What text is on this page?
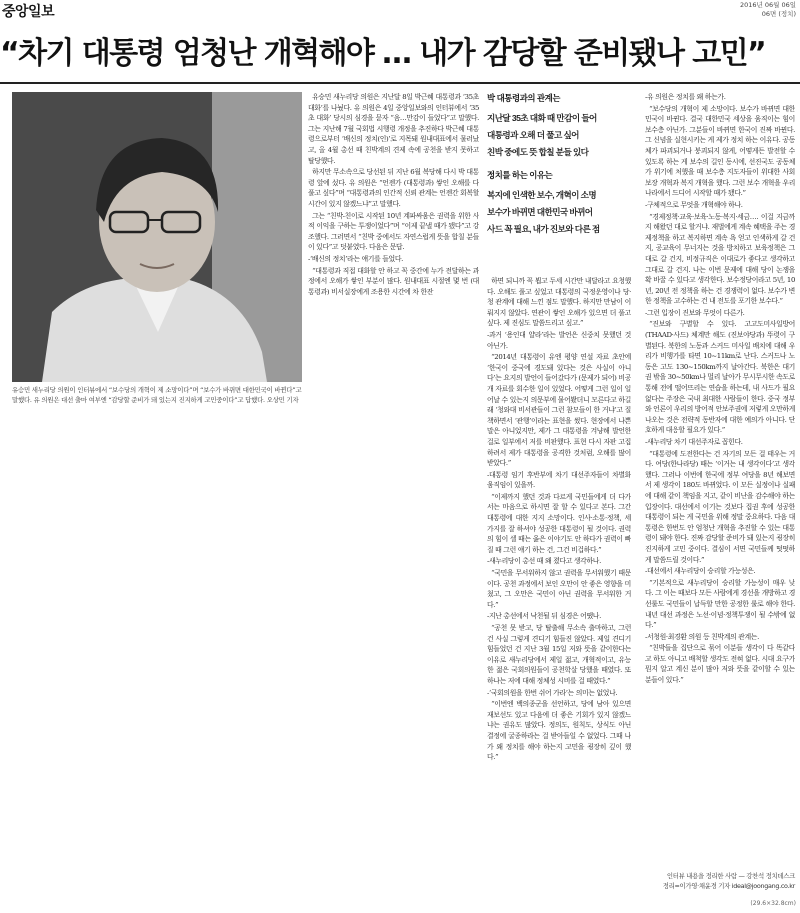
중앙일보	2016년 06월 06일
06면 (정치)
“차기 대통령 엄청난 개혁해야 … 내가 감당할 준비됐나 고민”
유승민 새누리당 의원이 인터뷰에서 “보수당의 개혁이 제 소망이다”며 “보수가 바뀌면 대한민국이 바뀐다”고 말했다. 유 의원은 대선 출마 여부엔 “감당할 준비가 돼 있는지 진지하게 고민중이다”고 답했다. 오상민 기자

유승민 새누리당 의원은 지난달 8일 박근혜 대통령과 ‘35초 대화’를 나눴다. 유 의원은 4일 중앙일보와의 인터뷰에서 ‘35초 대화’ 당시의 심경을 묻자 “음…만감이 들었다”고 말했다. 그는 지난해 7월 국회법 시행령 개정을 추진하다 박근혜 대통령으로부터 ‘배신의 정치(인)’로 지목돼 원내대표에서 물러났고, 올 4월 총선 때 친박계의 견제 속에 공천을 받지 못하고 탈당했다.

하지만 무소속으로 당선된 뒤 지난 6월 복당해 다시 박 대통령 앞에 섰다. 유 의원은 “언젠가 (대통령과) 쌓인 오해를 다 풀고 싶다”며 “대통령과의 인간적 신뢰 관계는 언젠간 회복할 시간이 있지 않겠느냐”고 말했다.

그는 “친박-친이로 시작된 10년 계파싸움은 권력을 위한 사적 이익을 구하는 투쟁이었다”며 “이제 끝낼 때가 됐다”고 강조했다. 그러면서 “친박 중에서도 자연스럽게 뜻을 합칠 분들이 있다”고 덧붙였다. 다음은 문답.

-‘배신의 정치’라는 얘기를 들었다.

“대통령과 직접 대화할 안 하고 꼭 중간에 누가 전달하는 과정에서 오해가 쌓인 부분이 많다. 원내대표 시절엔 몇 번 (대통령과) 비서실장에게 조용한 시간에 차 한잔

박 대통령과의 관계는
지난달 35초 대화 때 만감이 들어
대통령과 오해 더 풀고 싶어
친박 중에도 뜻 합칠 분들 있다
정치를 하는 이유는
복지에 인색한 보수, 개혁이 소명
보수가 바뀌면 대한민국 바뀌어
사드 꼭 필요, 내가 진보와 다른 점

하면 되니까 꼭 뵙고 두세 시간만 내달라고 요청했다. 오해도 풀고 싶었고 대통령의 국정운영이나 당·청 관계에 대해 느낀 점도 말했다. 하지만 만남이 이뤄지지 않았다. 연관이 쌓인 오해가 있으면 더 풀고 싶다. 제 진심도 말씀드리고 싶고.”

-과거 ‘용인대 얄라’라는 발언은 신중치 못했던 것 아닌가.

“2014년 대통령이 유엔 평양 연설 자료 초안에 ‘한국이 중국에 경도돼 있다는 것은 사실이 아니다’는 요지의 발언이 들어갔다가 (문제가 되어) 비공개 자료를 회수한 일이 있었다. 어떻게 그런 일이 일어날 수 있는지 의문부에 물어봤더니 모른다고 하길래 ‘청와대 비서관들이 그런 참모들이 한 거냐’고 질책하면서 ‘관행’이라는 표현을 썼다. 현장에서 나쁜 말은 아니었지만, 제가 그 대통령을 겨냥해 발언한 걸로 일부에서 저를 비판했다. 표현 다시 자판 고집하려서 제가 대통령을 공격한 것처럼, 오해를 많이 받았다.”

-대통령 임기 후반부에 차기 대선주자들이 차별화 움직임이 있을까.

“이제까지 했던 것과 다르게 국민들에게 더 다가서는 마음으로 하시면 잘 할 수 있다고 본다. 그간 대통령에 대한 지지 소망이다. 인사·소통·정책, 세 가지를 잘 하셔야 성공한 대통령이 될 것이다. 권력의 힘이 셀 때는 옳은 이야기도 안 하다가 권력이 빠질 때 그런 얘기 하는 건, 그건 비겁하다.”

-새누리당이 총선 때 왜 졌다고 생각하나.

“국민을 무서워하지 않고 권력을 무서워했기 때문이다. 공천 과정에서 보인 오만이 안 좋은 영향을 미쳤고, 그 오만은 국민이 아닌 권력을 무서워한 거다.”

-지난 총선에서 낙천될 뒤 심경은 어땠나.

“공천 못 받고, 당 탈출해 무소속 출마하고, 그런 건 사실 그렇게 견디기 힘들진 않았다. 제일 견디기 힘들었던 건 지난 3월 15일 저와 뜻을 같이한다는 이유로 새누리당에서 제일 젊고, 개혁적이고, 유능한 젊은 국회의원들이 공천학살 당했을 때였다. 또 하나는 저에 대해 정체성 시비를 걸 때였다.”

-‘국회의원을 한번 쉬어 가라’는 의미는 없었나.

“이번엔 백의종군을 선언하고, 당에 남아 있으면 재보선도 있고 다음에 더 좋은 기회가 있지 않겠느냐는 권유도 많았다. 정의도, 원칙도, 상식도 아닌 결정에 굴종하라는 걸 받아들일 수 없었다. 그때 나가 왜 정치를 해야 하는지 고민을 굉장히 깊이 했다.”

-유 의원은 정치를 왜 하는가.

“보수당의 개혁이 제 소망이다. 보수가 바뀌면 대한민국이 바뀐다. 결국 대한민국 세상을 움직이는 힘이 보수층 아닌가. 그분들이 바뀌면 한국이 진짜 바뀐다. 그 신념을 실현시키는 게 제가 정치 하는 이유다. 공동체가 파괴되거나 붕괴되지 않게, 어떻게든 발전할 수 있도록 하는 게 보수의 길인 동시에, 선진국도 공동체가 위기에 처했을 때 보수층 지도자들이 위대한 사회보장 개혁과 복지 개혁을 했다. 그런 보수 개혁을 우리나라에서 드디어 시작할 때가 됐다.”

-구체적으로 무엇을 개혁해야 하나.

“경제정책·교육·보육·노동·복지·세금…. 이걸 지금까지 해왔던 대로 할거냐. 재벌에게 계속 혜택을 주는 경제정책을 하고 복지하면 계속 욕 얻고 인색하게 갈 건지, 공교육이 무너지는 것을 방치하고 보육정책은 그대로 갈 건지, 비정규직은 이대로가 좋다고 생각하고 그대로 갈 건지. 나는 이번 문제에 대해 당이 논쟁을 확 바꿀 수 있다고 생각한다. 보수정당이라고 5년, 10년, 20년 전 정책을 하는 건 경쟁력이 없다. 보수가 변한 정책을 고수하는 건 내 전도를 포기한 보수다.”

-그런 입장이 진보와 무엇이 다른가.

“진보와 구별할 수 있다. 고고도미사일방어(THAAD·사드) 체계만 해도 (진보야당과) 뚜렷이 구별된다. 북한의 노동과 스커드 미사일 배치에 대해 우리가 비행가를 타면 10~11km로 난다. 스커드나 노동은 고도 130~150km까지 날아간다. 북한은 대기권 밖을 30~50km나 멀리 날아가 무시무시한 속도로 통해 전에 떨어뜨리는 연습을 하는데, 내 사드가 필요 없다는 주장은 국내 최대한 사람들이 한다. 중국 정부와 언론이 우리의 방어적 안보주권에 저렇게 오만하게 나오는 것은 전략적 동반자에 대한 예의가 아니다. 단호하게 대응할 필요가 있다.”

-새누리당 차기 대선주자로 꼽힌다.

“대통령에 도전한다는 건 자기의 모든 걸 태우는 거다. 여당(한나라당) 때는 ‘이거는 내 생각이다’고 생각했다. 그러나 이번에 한국에 정부 여당을 8년 해보면서 제 생각이 180도 바뀌었다. 이 모든 실정이나 실패에 대해 같이 책임을 지고, 같이 비난을 감수해야 하는 입장이다. 대선에서 이기는 것보다 집권 후에 성공한 대통령이 되는 게 국민을 위해 정말 중요하다. 다음 대통령은 한번도 안 엄청난 개혁을 추진할 수 있는 대통령이 돼야 한다. 진짜 감당할 준비가 돼 있는지 굉장히 진지하게 고민 중이다. 결심이 서면 국민들께 떳떳하게 말씀드릴 것이다.”

-대선에서 새누리당이 승리할 가능성은.

“기본적으로 새누리당이 승리할 가능성이 매우 낮다. 그 이는 때보다 모든 사람에게 경선을 개방하고 경선룰도 국민들이 납득할 만한 공정한 룰로 해야 한다. 내년 대선 과정은 노선·이념·정책투쟁이 될 수밖에 없다.”

-서청원·최경환 의원 등 친박계의 관계는.

“친박들을 집단으로 묶어 이분들 생각이 다 똑같다고 하도 아니고 배척할 생각도 전혀 없다. 시대 요구가 뭔지 알고 계신 분이 많아 저와 뜻을 같이할 수 있는 분들이 있다.”

인터뷰 내용을 정리한 사람 — 강찬석 정치데스크
정리=이가영·채윤경 기자 ideal@joongang.co.kr
(29.6×32.8cm)
